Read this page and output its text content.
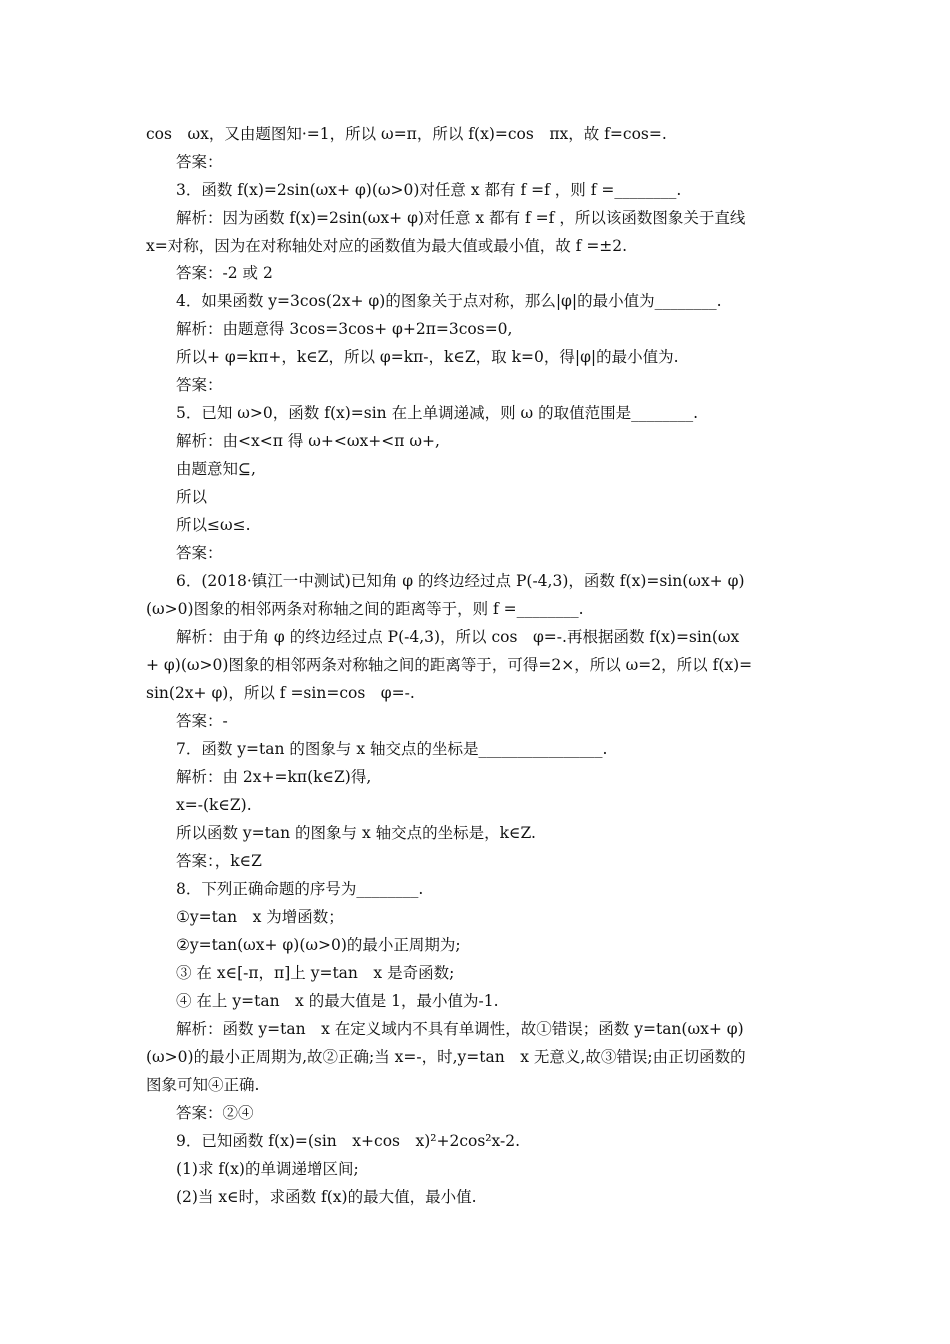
cos　ωx，又由题图知·=1，所以 ω=π，所以 f(x)=cos　πx，故 f=cos=.
答案：
3．函数 f(x)=2sin(ωx+ φ)(ω>0)对任意 x 都有 f =f ，则 f =________.
解析：因为函数 f(x)=2sin(ωx+ φ)对任意 x 都有 f =f ，所以该函数图象关于直线
x=对称，因为在对称轴处对应的函数值为最大值或最小值，故 f =±2.
答案：-2 或 2
4．如果函数 y=3cos(2x+ φ)的图象关于点对称，那么|φ|的最小值为________.
解析：由题意得 3cos=3cos+ φ+2π=3cos=0,
所以+ φ=kπ+，k∈Z，所以 φ=kπ-，k∈Z，取 k=0，得|φ|的最小值为.
答案：
5．已知 ω>0，函数 f(x)=sin 在上单调递减，则 ω 的取值范围是________.
解析：由<x<π 得 ω+<ωx+<π ω+,
由题意知⊆,
所以
所以≤ω≤.
答案：
6．(2018·镇江一中测试)已知角 φ 的终边经过点 P(-4,3)，函数 f(x)=sin(ωx+ φ)
(ω>0)图象的相邻两条对称轴之间的距离等于，则 f =________.
解析：由于角 φ 的终边经过点 P(-4,3)，所以 cos　φ=-.再根据函数 f(x)=sin(ωx
+ φ)(ω>0)图象的相邻两条对称轴之间的距离等于，可得=2×，所以 ω=2，所以 f(x)=
sin(2x+ φ)，所以 f =sin=cos　φ=-.
答案：-
7．函数 y=tan 的图象与 x 轴交点的坐标是________________.
解析：由 2x+=kπ(k∈Z)得,
x=-(k∈Z).
所以函数 y=tan 的图象与 x 轴交点的坐标是，k∈Z.
答案：，k∈Z
8．下列正确命题的序号为________.
①y=tan　x 为增函数；
②y=tan(ωx+ φ)(ω>0)的最小正周期为;
③ 在 x∈[-π，π]上 y=tan　x 是奇函数;
④ 在上 y=tan　x 的最大值是 1，最小值为-1.
解析：函数 y=tan　x 在定义域内不具有单调性，故①错误；函数 y=tan(ωx+ φ)
(ω>0)的最小正周期为,故②正确;当 x=-，时,y=tan　x 无意义,故③错误;由正切函数的
图象可知④正确.
答案：②④
9．已知函数 f(x)=(sin　x+cos　x)²+2cos²x-2.
(1)求 f(x)的单调递增区间;
(2)当 x∈时，求函数 f(x)的最大值，最小值.
